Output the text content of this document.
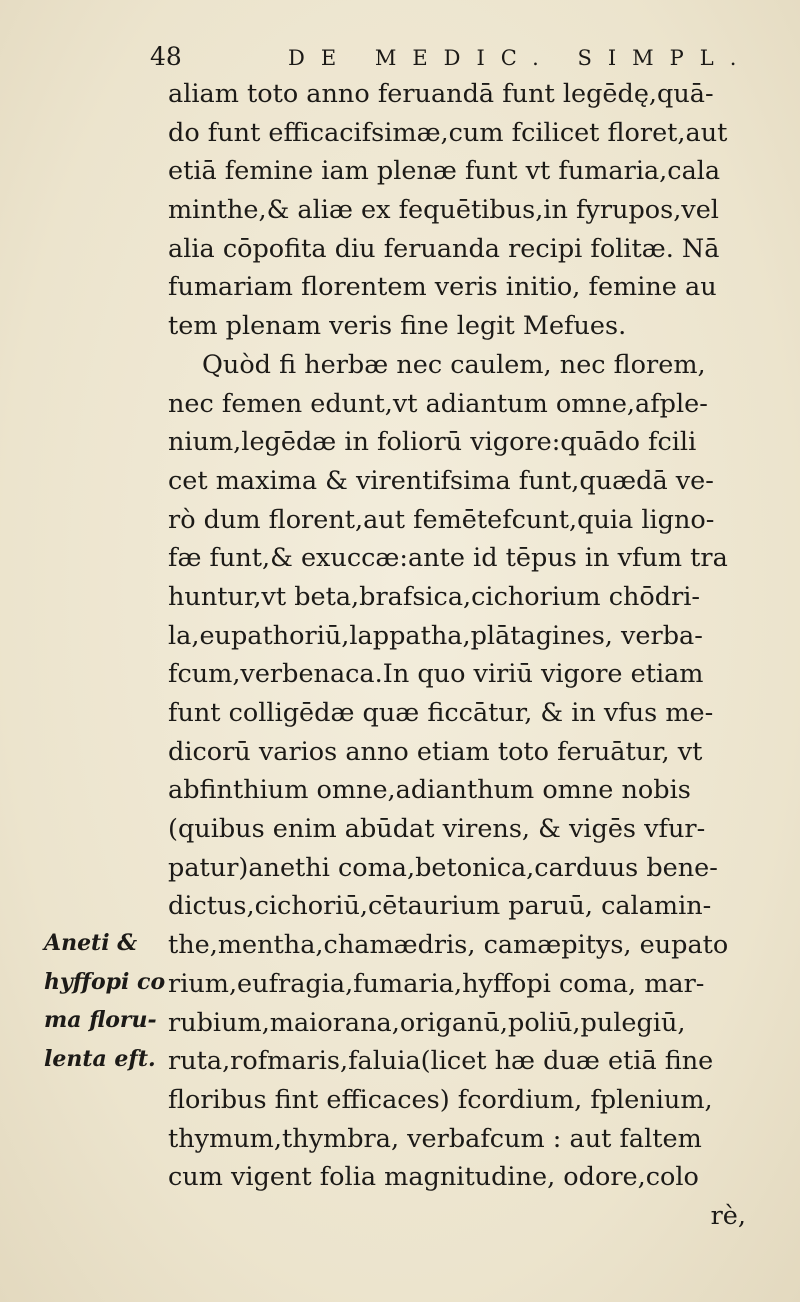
48	DE MEDIC. SIMPL.
aliam toto anno feruandā funt legēdę,quā-
do funt efficacifsimæ,cum fcilicet floret,aut
etiā femine iam plenæ funt vt fumaria,cala
minthe,& aliæ ex fequētibus,in fyrupos,vel
alia cōpofita diu feruanda recipi folitæ. Nā
fumariam florentem veris initio, femine au
tem plenam veris fine legit Mefues.
Quòd fi herbæ nec caulem, nec florem,
nec femen edunt,vt adiantum omne,afple-
nium,legēdæ in foliorū vigore:quādo fcili
cet maxima & virentifsima funt,quædā ve-
rò dum florent,aut femētefcunt,quia ligno-
fæ funt,& exuccæ:ante id tēpus in vfum tra
huntur,vt beta,brafsica,cichorium chōdri-
la,eupathoriū,lappatha,plātagines, verba-
fcum,verbenaca.In quo viriū vigore etiam
funt colligēdæ quæ ficcātur, & in vfus me-
dicorū varios anno etiam toto feruātur, vt
abfinthium omne,adianthum omne nobis
(quibus enim abūdat virens, & vigēs vfur-
patur)anethi coma,betonica,carduus bene-
dictus,cichoriū,cētaurium paruū, calamin-
the,mentha,chamædris, camæpitys, eupato
rium,eufragia,fumaria,hyffopi coma, mar-
rubium,maiorana,origanū,poliū,pulegiū,
ruta,rofmaris,faluia(licet hæ duæ etiā fine
floribus fint efficaces) fcordium, fplenium,
thymum,thymbra, verbafcum : aut faltem
cum vigent folia magnitudine, odore,colo
rè,
Aneti &
hyffopi co
ma floru-
lenta eft.
